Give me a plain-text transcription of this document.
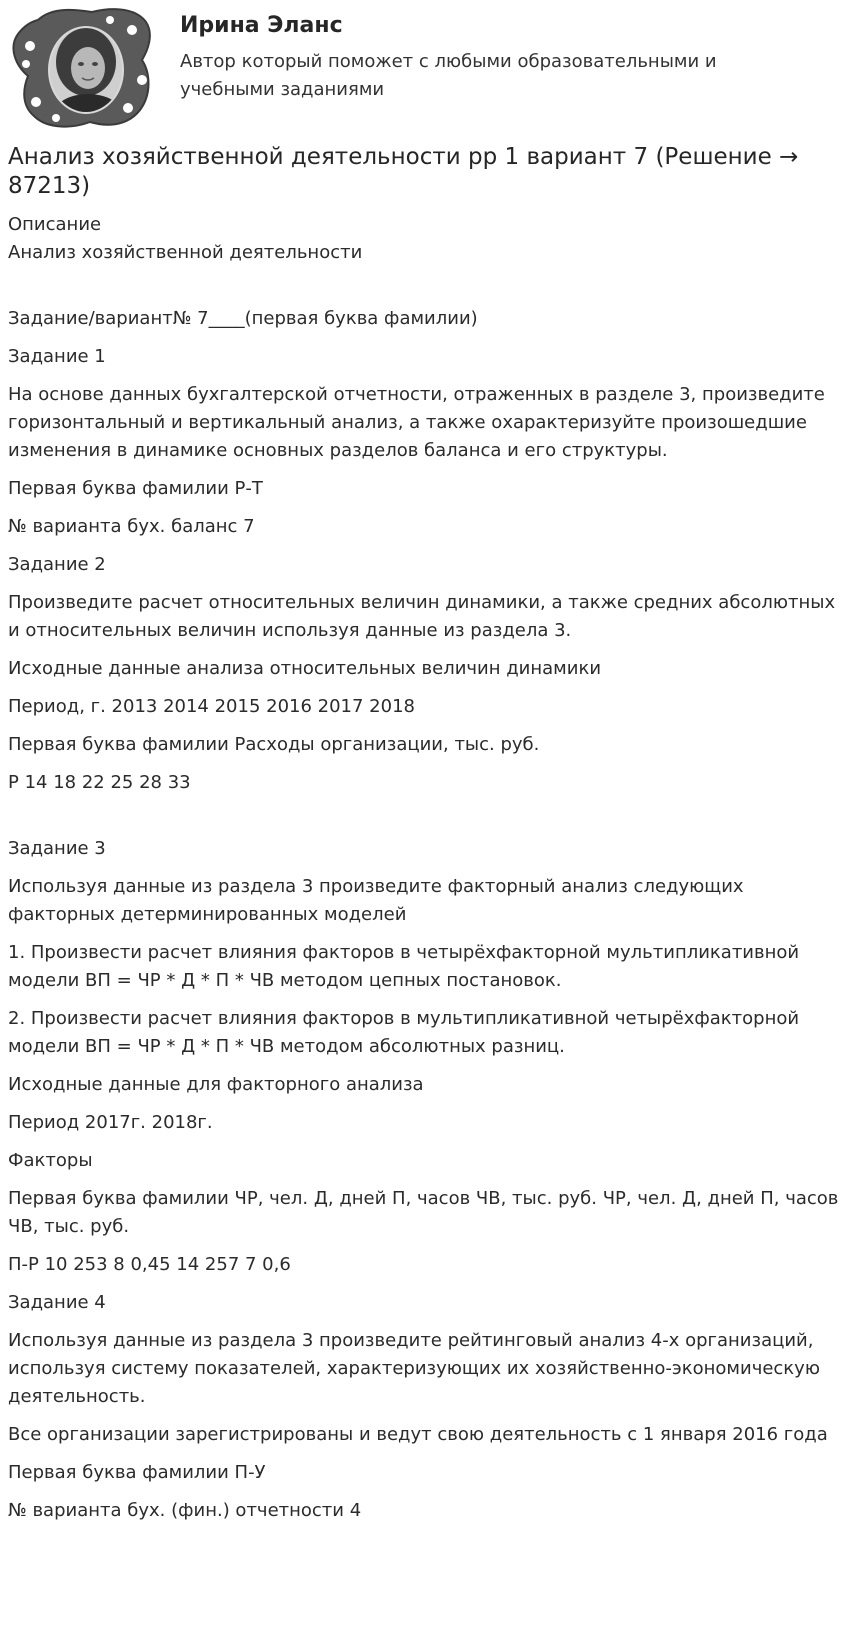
Ирина Эланс
Автор который поможет с любыми образовательными и учебными заданиями
Анализ хозяйственной деятельности рр 1 вариант 7 (Решение → 87213)
Описание
Анализ хозяйственной деятельности

Задание/вариант№ 7____(первая буква фамилии)

Задание 1

На основе данных бухгалтерской отчетности, отраженных в разделе 3, произведите горизонтальный и вертикальный анализ, а также охарактеризуйте произошедшие изменения в динамике основных разделов баланса и его структуры.

Первая буква фамилии Р-Т

№ варианта бух. баланс 7

Задание 2

Произведите расчет относительных величин динамики, а также средних абсолютных и относительных величин используя данные из раздела 3.

Исходные данные анализа относительных величин динамики

Период, г. 2013 2014 2015 2016 2017 2018

Первая буква фамилии Расходы организации, тыс. руб.

Р 14 18 22 25 28 33

Задание 3

Используя данные из раздела 3 произведите факторный анализ следующих факторных детерминированных моделей

1. Произвести расчет влияния факторов в четырёхфакторной мультипликативной модели ВП = ЧР * Д * П * ЧВ методом цепных постановок.

2. Произвести расчет влияния факторов в мультипликативной четырёхфакторной модели ВП = ЧР * Д * П * ЧВ методом абсолютных разниц.

Исходные данные для факторного анализа

Период 2017г. 2018г.

Факторы

Первая буква фамилии ЧР, чел. Д, дней П, часов ЧВ, тыс. руб. ЧР, чел. Д, дней П, часов ЧВ, тыс. руб.

П-Р 10 253 8 0,45 14 257 7 0,6

Задание 4

Используя данные из раздела 3 произведите рейтинговый анализ 4-х организаций, используя систему показателей, характеризующих их хозяйственно-экономическую деятельность.

Все организации зарегистрированы и ведут свою деятельность с 1 января 2016 года

Первая буква фамилии П-У

№ варианта бух. (фин.) отчетности 4
